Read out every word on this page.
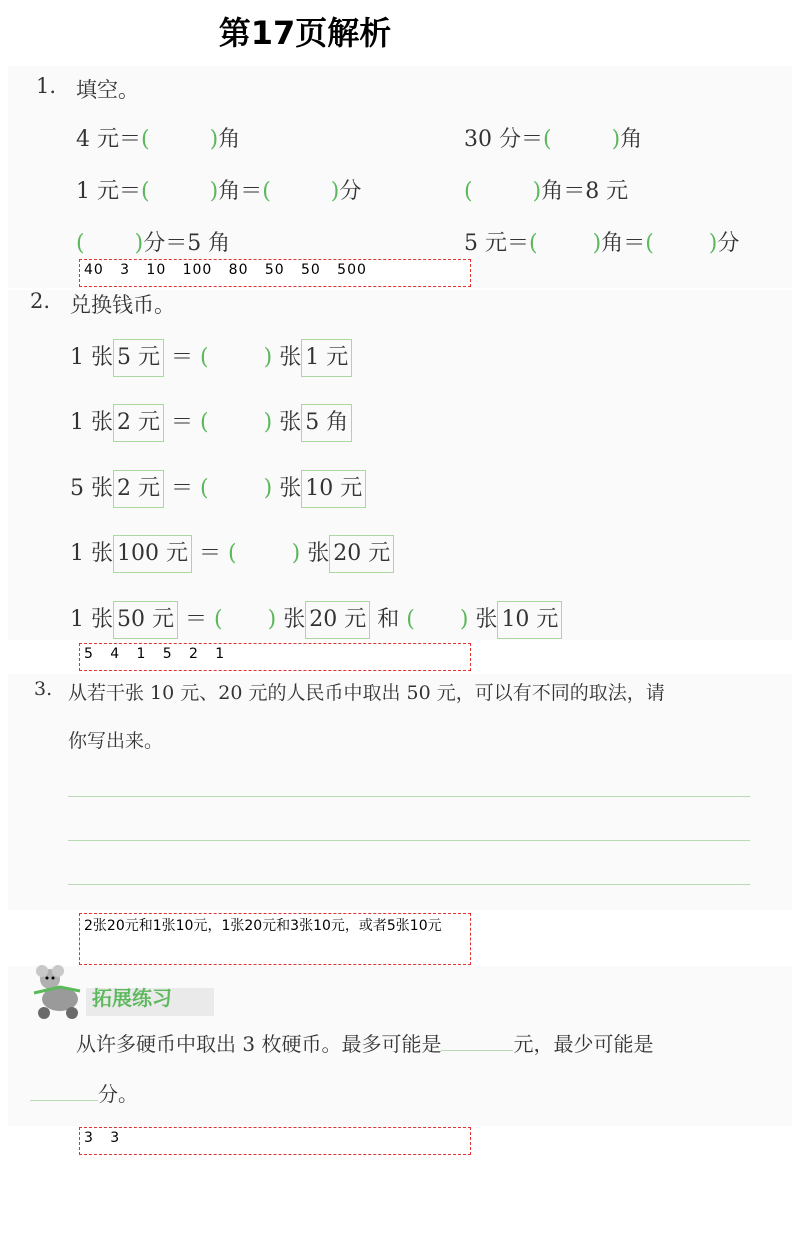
第17页解析
1. 填空。
4 元＝(	)角	30 分＝(	)角
1 元＝(	)角＝(	)分	(	)角＝8 元
( )分＝5 角	5 元＝(	)角＝(	)分
40   3   10   100   80   50   50   500
2. 兑换钱币。
1 张 5 元 ＝ (	) 张 1 元
1 张 2 元 ＝ (	) 张 5 角
5 张 2 元 ＝ (	) 张 10 元
1 张 100 元 ＝ (	) 张 20 元
1 张 50 元 ＝ ( ) 张 20 元 和 ( ) 张 10 元
5   4   1   5   2   1
3. 从若干张 10 元、20 元的人民币中取出 50 元，可以有不同的取法，请
你写出来。
2张20元和1张10元，1张20元和3张10元，或者5张10元
拓展练习
从许多硬币中取出 3 枚硬币。最多可能是	元，最少可能是
分。
3   3
